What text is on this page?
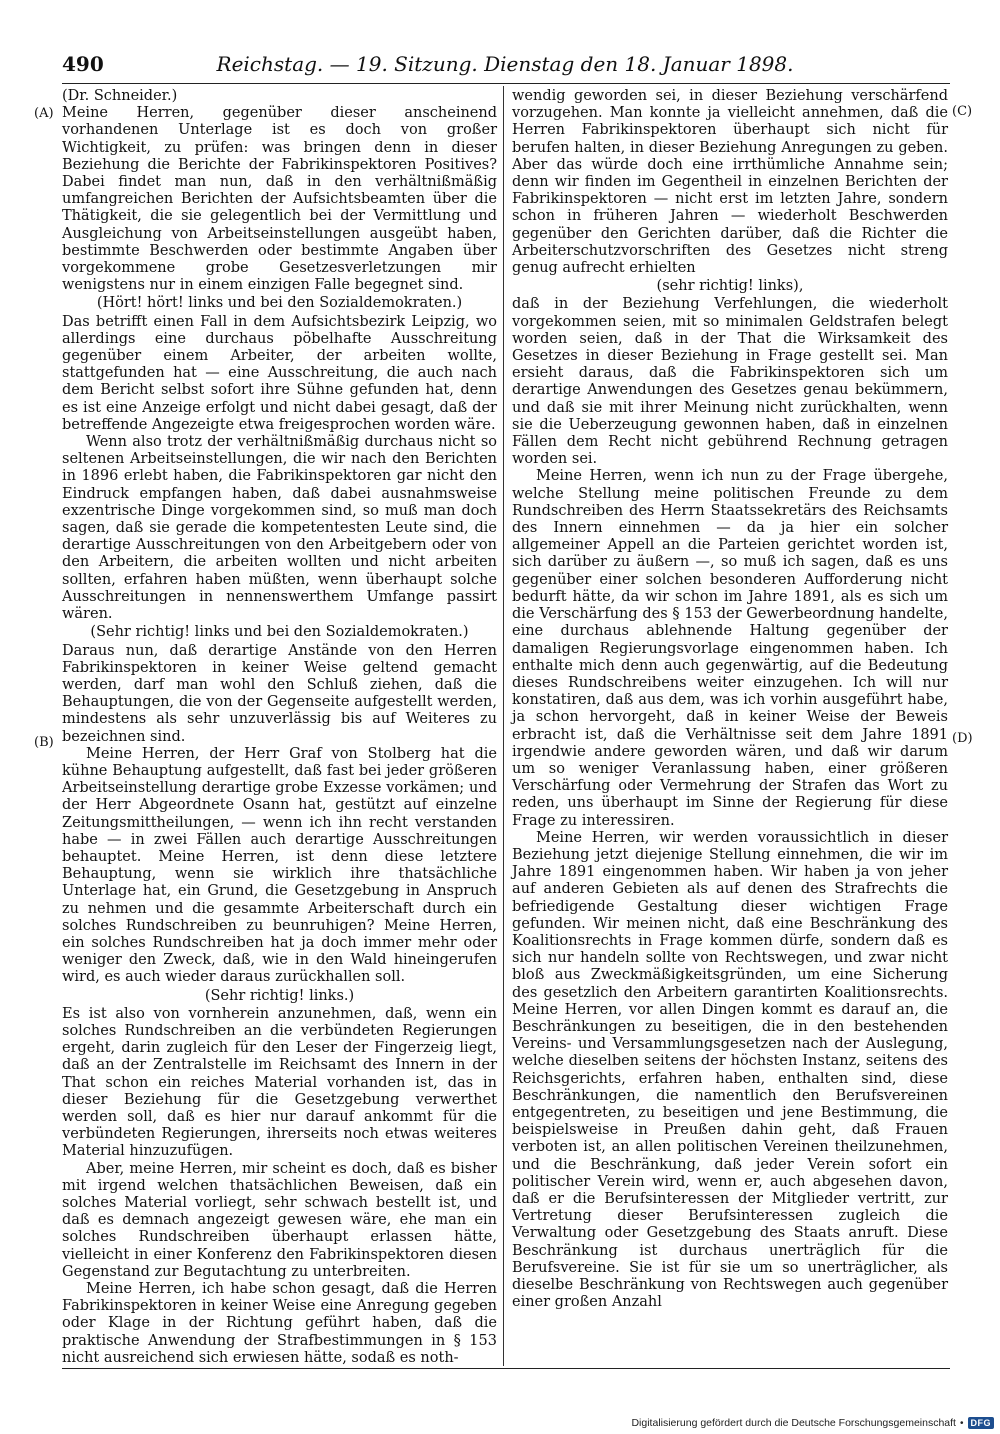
490	Reichstag. — 19. Sitzung. Dienstag den 18. Januar 1898.
(A)
(B)
(C)
(D)

(Dr. Schneider.)

Meine Herren, gegenüber dieser anscheinend vorhandenen Unterlage ist es doch von großer Wichtigkeit, zu prüfen: was bringen denn in dieser Beziehung die Berichte der Fabrikinspektoren Positives? Dabei findet man nun, daß in den verhältnißmäßig umfangreichen Berichten der Aufsichtsbeamten über die Thätigkeit, die sie gelegentlich bei der Vermittlung und Ausgleichung von Arbeitseinstellungen ausgeübt haben, bestimmte Beschwerden oder bestimmte Angaben über vorgekommene grobe Gesetzesverletzungen mir wenigstens nur in einem einzigen Falle begegnet sind.

(Hört! hört! links und bei den Sozialdemokraten.)

Das betrifft einen Fall in dem Aufsichtsbezirk Leipzig, wo allerdings eine durchaus pöbelhafte Ausschreitung gegenüber einem Arbeiter, der arbeiten wollte, stattgefunden hat — eine Ausschreitung, die auch nach dem Bericht selbst sofort ihre Sühne gefunden hat, denn es ist eine Anzeige erfolgt und nicht dabei gesagt, daß der betreffende Angezeigte etwa freigesprochen worden wäre.

Wenn also trotz der verhältnißmäßig durchaus nicht so seltenen Arbeitseinstellungen, die wir nach den Berichten in 1896 erlebt haben, die Fabrikinspektoren gar nicht den Eindruck empfangen haben, daß dabei ausnahmsweise exzentrische Dinge vorgekommen sind, so muß man doch sagen, daß sie gerade die kompetentesten Leute sind, die derartige Ausschreitungen von den Arbeitgebern oder von den Arbeitern, die arbeiten wollten und nicht arbeiten sollten, erfahren haben müßten, wenn überhaupt solche Ausschreitungen in nennenswerthem Umfange passirt wären.

(Sehr richtig! links und bei den Sozialdemokraten.)

Daraus nun, daß derartige Anstände von den Herren Fabrikinspektoren in keiner Weise geltend gemacht werden, darf man wohl den Schluß ziehen, daß die Behauptungen, die von der Gegenseite aufgestellt werden, mindestens als sehr unzuverlässig bis auf Weiteres zu bezeichnen sind.

Meine Herren, der Herr Graf von Stolberg hat die kühne Behauptung aufgestellt, daß fast bei jeder größeren Arbeitseinstellung derartige grobe Exzesse vorkämen; und der Herr Abgeordnete Osann hat, gestützt auf einzelne Zeitungsmittheilungen, — wenn ich ihn recht verstanden habe — in zwei Fällen auch derartige Ausschreitungen behauptet. Meine Herren, ist denn diese letztere Behauptung, wenn sie wirklich ihre thatsächliche Unterlage hat, ein Grund, die Gesetzgebung in Anspruch zu nehmen und die gesammte Arbeiterschaft durch ein solches Rundschreiben zu beunruhigen? Meine Herren, ein solches Rundschreiben hat ja doch immer mehr oder weniger den Zweck, daß, wie in den Wald hineingerufen wird, es auch wieder daraus zurückhallen soll.

(Sehr richtig! links.)

Es ist also von vornherein anzunehmen, daß, wenn ein solches Rundschreiben an die verbündeten Regierungen ergeht, darin zugleich für den Leser der Fingerzeig liegt, daß an der Zentralstelle im Reichsamt des Innern in der That schon ein reiches Material vorhanden ist, das in dieser Beziehung für die Gesetzgebung verwerthet werden soll, daß es hier nur darauf ankommt für die verbündeten Regierungen, ihrerseits noch etwas weiteres Material hinzuzufügen.

Aber, meine Herren, mir scheint es doch, daß es bisher mit irgend welchen thatsächlichen Beweisen, daß ein solches Material vorliegt, sehr schwach bestellt ist, und daß es demnach angezeigt gewesen wäre, ehe man ein solches Rundschreiben überhaupt erlassen hätte, vielleicht in einer Konferenz den Fabrikinspektoren diesen Gegenstand zur Begutachtung zu unterbreiten.

Meine Herren, ich habe schon gesagt, daß die Herren Fabrikinspektoren in keiner Weise eine Anregung gegeben oder Klage in der Richtung geführt haben, daß die praktische Anwendung der Strafbestimmungen in § 153 nicht ausreichend sich erwiesen hätte, sodaß es noth-

wendig geworden sei, in dieser Beziehung verschärfend vorzugehen. Man konnte ja vielleicht annehmen, daß die Herren Fabrikinspektoren überhaupt sich nicht für berufen halten, in dieser Beziehung Anregungen zu geben. Aber das würde doch eine irrthümliche Annahme sein; denn wir finden im Gegentheil in einzelnen Berichten der Fabrikinspektoren — nicht erst im letzten Jahre, sondern schon in früheren Jahren — wiederholt Beschwerden gegenüber den Gerichten darüber, daß die Richter die Arbeiterschutzvorschriften des Gesetzes nicht streng genug aufrecht erhielten

(sehr richtig! links),

daß in der Beziehung Verfehlungen, die wiederholt vorgekommen seien, mit so minimalen Geldstrafen belegt worden seien, daß in der That die Wirksamkeit des Gesetzes in dieser Beziehung in Frage gestellt sei. Man ersieht daraus, daß die Fabrikinspektoren sich um derartige Anwendungen des Gesetzes genau bekümmern, und daß sie mit ihrer Meinung nicht zurückhalten, wenn sie die Ueberzeugung gewonnen haben, daß in einzelnen Fällen dem Recht nicht gebührend Rechnung getragen worden sei.

Meine Herren, wenn ich nun zu der Frage übergehe, welche Stellung meine politischen Freunde zu dem Rundschreiben des Herrn Staatssekretärs des Reichsamts des Innern einnehmen — da ja hier ein solcher allgemeiner Appell an die Parteien gerichtet worden ist, sich darüber zu äußern —, so muß ich sagen, daß es uns gegenüber einer solchen besonderen Aufforderung nicht bedurft hätte, da wir schon im Jahre 1891, als es sich um die Verschärfung des § 153 der Gewerbeordnung handelte, eine durchaus ablehnende Haltung gegenüber der damaligen Regierungsvorlage eingenommen haben. Ich enthalte mich denn auch gegenwärtig, auf die Bedeutung dieses Rundschreibens weiter einzugehen. Ich will nur konstatiren, daß aus dem, was ich vorhin ausgeführt habe, ja schon hervorgeht, daß in keiner Weise der Beweis erbracht ist, daß die Verhältnisse seit dem Jahre 1891 irgendwie andere geworden wären, und daß wir darum um so weniger Veranlassung haben, einer größeren Verschärfung oder Vermehrung der Strafen das Wort zu reden, uns überhaupt im Sinne der Regierung für diese Frage zu interessiren.

Meine Herren, wir werden voraussichtlich in dieser Beziehung jetzt diejenige Stellung einnehmen, die wir im Jahre 1891 eingenommen haben. Wir haben ja von jeher auf anderen Gebieten als auf denen des Strafrechts die befriedigende Gestaltung dieser wichtigen Frage gefunden. Wir meinen nicht, daß eine Beschränkung des Koalitionsrechts in Frage kommen dürfe, sondern daß es sich nur handeln sollte von Rechtswegen, und zwar nicht bloß aus Zweckmäßigkeitsgründen, um eine Sicherung des gesetzlich den Arbeitern garantirten Koalitionsrechts. Meine Herren, vor allen Dingen kommt es darauf an, die Beschränkungen zu beseitigen, die in den bestehenden Vereins- und Versammlungsgesetzen nach der Auslegung, welche dieselben seitens der höchsten Instanz, seitens des Reichsgerichts, erfahren haben, enthalten sind, diese Beschränkungen, die namentlich den Berufsvereinen entgegentreten, zu beseitigen und jene Bestimmung, die beispielsweise in Preußen dahin geht, daß Frauen verboten ist, an allen politischen Vereinen theilzunehmen, und die Beschränkung, daß jeder Verein sofort ein politischer Verein wird, wenn er, auch abgesehen davon, daß er die Berufsinteressen der Mitglieder vertritt, zur Vertretung dieser Berufsinteressen zugleich die Verwaltung oder Gesetzgebung des Staats anruft. Diese Beschränkung ist durchaus unerträglich für die Berufsvereine. Sie ist für sie um so unerträglicher, als dieselbe Beschränkung von Rechtswegen auch gegenüber einer großen Anzahl

Digitalisierung gefördert durch die Deutsche Forschungsgemeinschaft • DFG
